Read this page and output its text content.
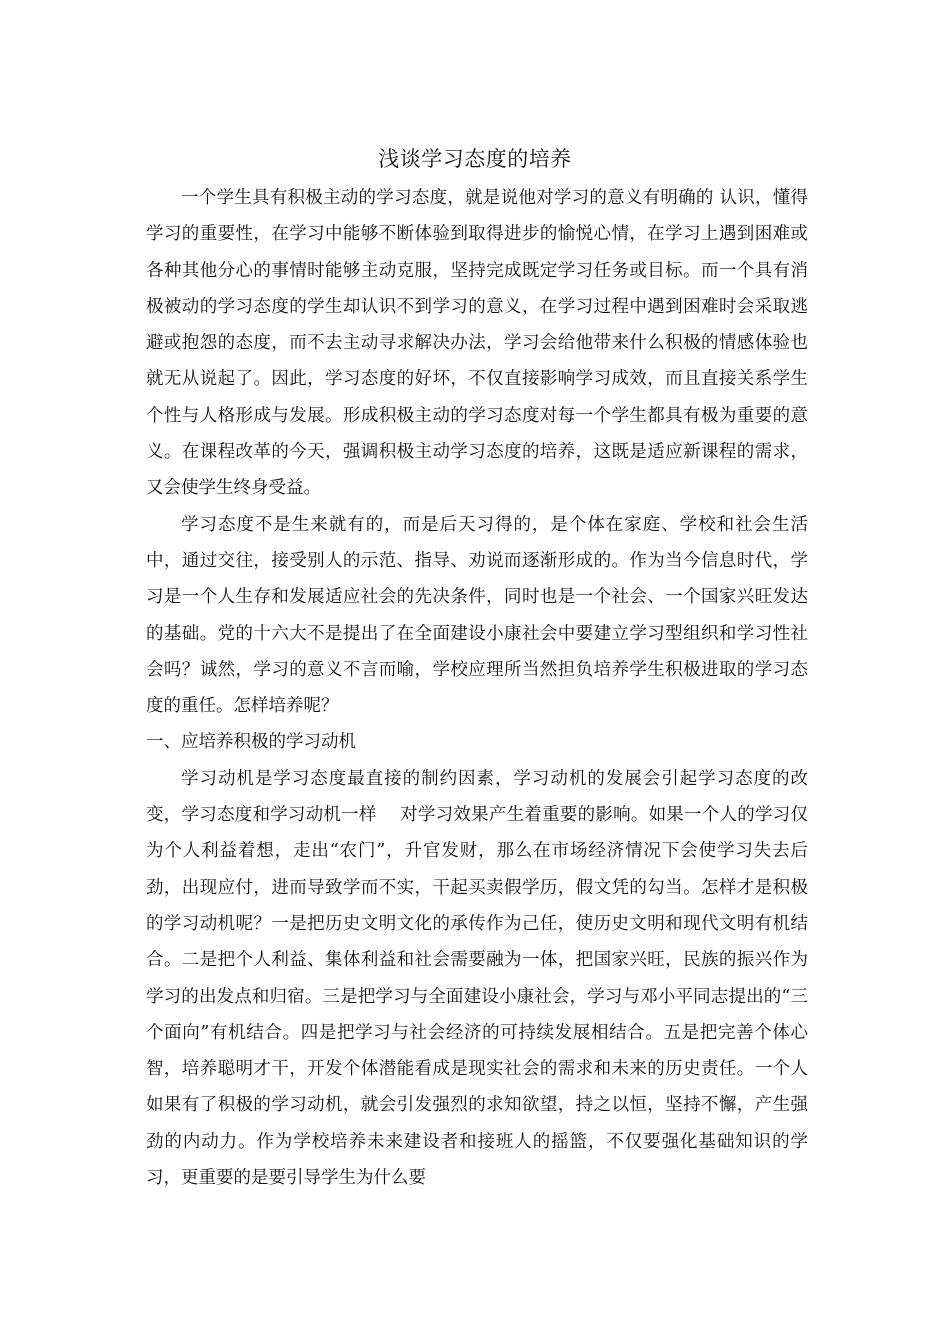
浅谈学习态度的培养

一个学生具有积极主动的学习态度，就是说他对学习的意义有明确的 认识，懂得学习的重要性，在学习中能够不断体验到取得进步的愉悦心情，在学习上遇到困难或各种其他分心的事情时能够主动克服，坚持完成既定学习任务或目标。而一个具有消极被动的学习态度的学生却认识不到学习的意义，在学习过程中遇到困难时会采取逃避或抱怨的态度，而不去主动寻求解决办法，学习会给他带来什么积极的情感体验也就无从说起了。因此，学习态度的好坏，不仅直接影响学习成效，而且直接关系学生个性与人格形成与发展。形成积极主动的学习态度对每一个学生都具有极为重要的意义。在课程改革的今天，强调积极主动学习态度的培养，这既是适应新课程的需求，又会使学生终身受益。

学习态度不是生来就有的，而是后天习得的，是个体在家庭、学校和社会生活中，通过交往，接受别人的示范、指导、劝说而逐渐形成的。作为当今信息时代，学习是一个人生存和发展适应社会的先决条件，同时也是一个社会、一个国家兴旺发达的基础。党的十六大不是提出了在全面建设小康社会中要建立学习型组织和学习性社会吗？诚然，学习的意义不言而喻，学校应理所当然担负培养学生积极进取的学习态度的重任。怎样培养呢？

一、应培养积极的学习动机

学习动机是学习态度最直接的制约因素，学习动机的发展会引起学习态度的改变，学习态度和学习动机一样 　对学习效果产生着重要的影响。如果一个人的学习仅为个人利益着想，走出“农门”，升官发财，那么在市场经济情况下会使学习失去后劲，出现应付，进而导致学而不实，干起买卖假学历，假文凭的勾当。怎样才是积极的学习动机呢？一是把历史文明文化的承传作为己任，使历史文明和现代文明有机结合。二是把个人利益、集体利益和社会需要融为一体，把国家兴旺，民族的振兴作为学习的出发点和归宿。三是把学习与全面建设小康社会，学习与邓小平同志提出的“三个面向”有机结合。四是把学习与社会经济的可持续发展相结合。五是把完善个体心智，培养聪明才干，开发个体潜能看成是现实社会的需求和未来的历史责任。一个人如果有了积极的学习动机，就会引发强烈的求知欲望，持之以恒，坚持不懈，产生强劲的内动力。作为学校培养未来建设者和接班人的摇篮，不仅要强化基础知识的学习，更重要的是要引导学生为什么要
